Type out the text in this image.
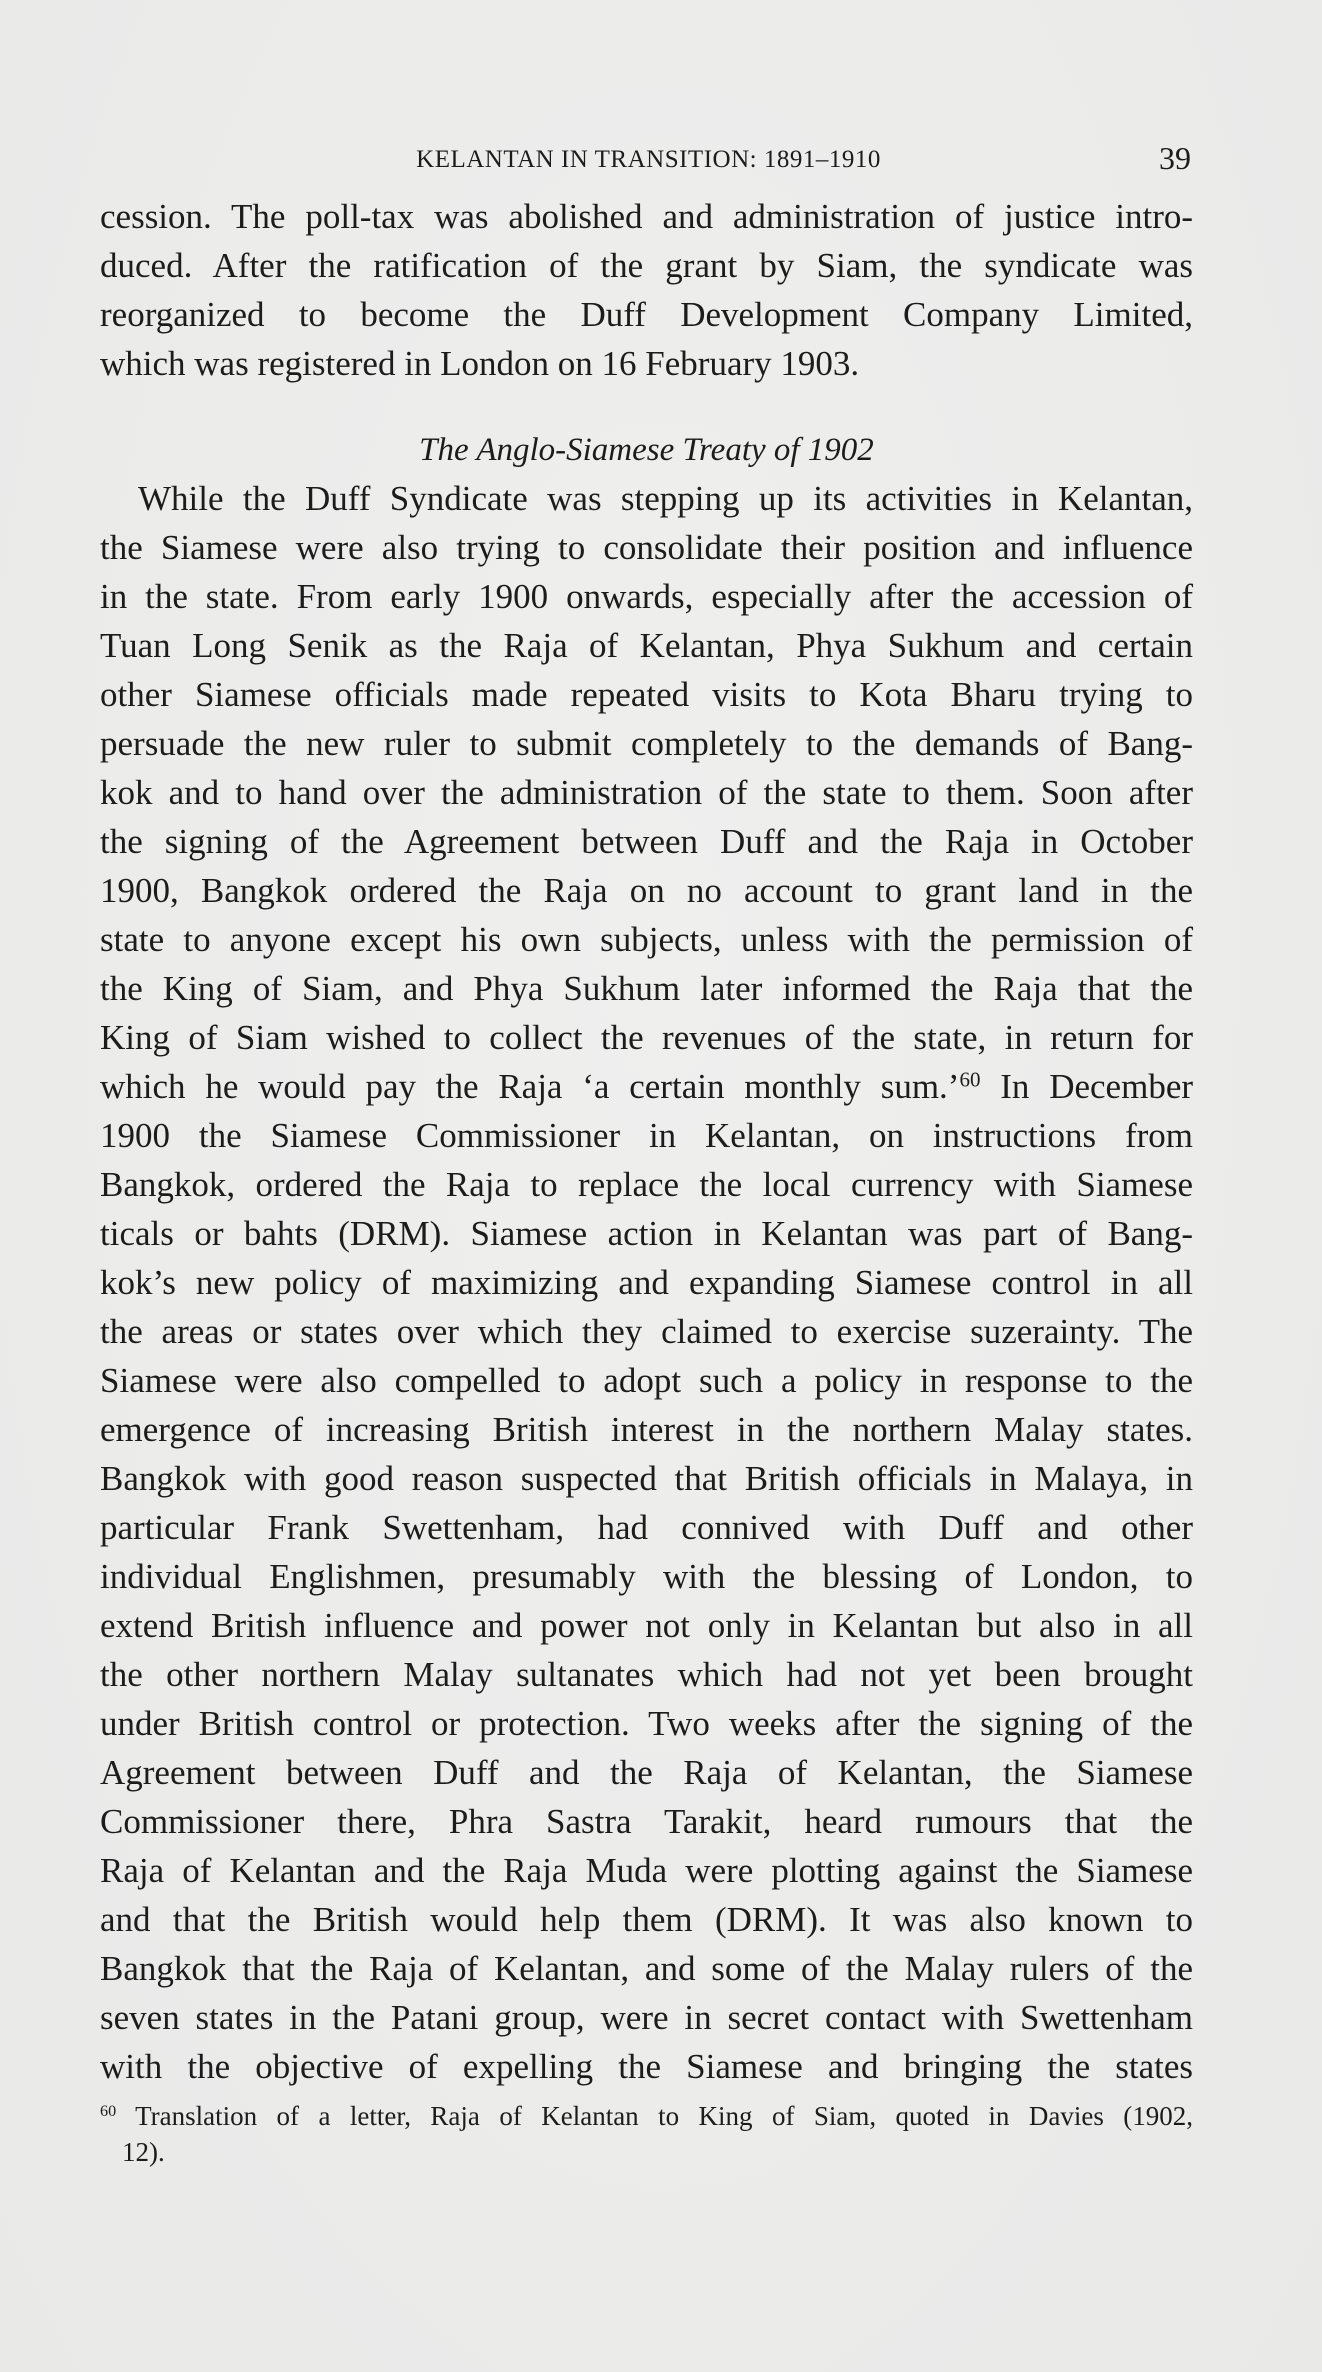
KELANTAN IN TRANSITION: 1891–1910	39
cession. The poll-tax was abolished and administration of justice intro-
duced. After the ratification of the grant by Siam, the syndicate was
reorganized to become the Duff Development Company Limited,
which was registered in London on 16 February 1903.
The Anglo-Siamese Treaty of 1902
While the Duff Syndicate was stepping up its activities in Kelantan,
the Siamese were also trying to consolidate their position and influence
in the state. From early 1900 onwards, especially after the accession of
Tuan Long Senik as the Raja of Kelantan, Phya Sukhum and certain
other Siamese officials made repeated visits to Kota Bharu trying to
persuade the new ruler to submit completely to the demands of Bang-
kok and to hand over the administration of the state to them. Soon after
the signing of the Agreement between Duff and the Raja in October
1900, Bangkok ordered the Raja on no account to grant land in the
state to anyone except his own subjects, unless with the permission of
the King of Siam, and Phya Sukhum later informed the Raja that the
King of Siam wished to collect the revenues of the state, in return for
which he would pay the Raja ‘a certain monthly sum.’$^{60}$ In December
1900 the Siamese Commissioner in Kelantan, on instructions from
Bangkok, ordered the Raja to replace the local currency with Siamese
ticals or bahts (DRM). Siamese action in Kelantan was part of Bang-
kok’s new policy of maximizing and expanding Siamese control in all
the areas or states over which they claimed to exercise suzerainty. The
Siamese were also compelled to adopt such a policy in response to the
emergence of increasing British interest in the northern Malay states.
Bangkok with good reason suspected that British officials in Malaya, in
particular Frank Swettenham, had connived with Duff and other
individual Englishmen, presumably with the blessing of London, to
extend British influence and power not only in Kelantan but also in all
the other northern Malay sultanates which had not yet been brought
under British control or protection. Two weeks after the signing of the
Agreement between Duff and the Raja of Kelantan, the Siamese
Commissioner there, Phra Sastra Tarakit, heard rumours that the
Raja of Kelantan and the Raja Muda were plotting against the Siamese
and that the British would help them (DRM). It was also known to
Bangkok that the Raja of Kelantan, and some of the Malay rulers of the
seven states in the Patani group, were in secret contact with Swettenham
with the objective of expelling the Siamese and bringing the states
$^{60}$ Translation of a letter, Raja of Kelantan to King of Siam, quoted in Davies (1902,
12).
